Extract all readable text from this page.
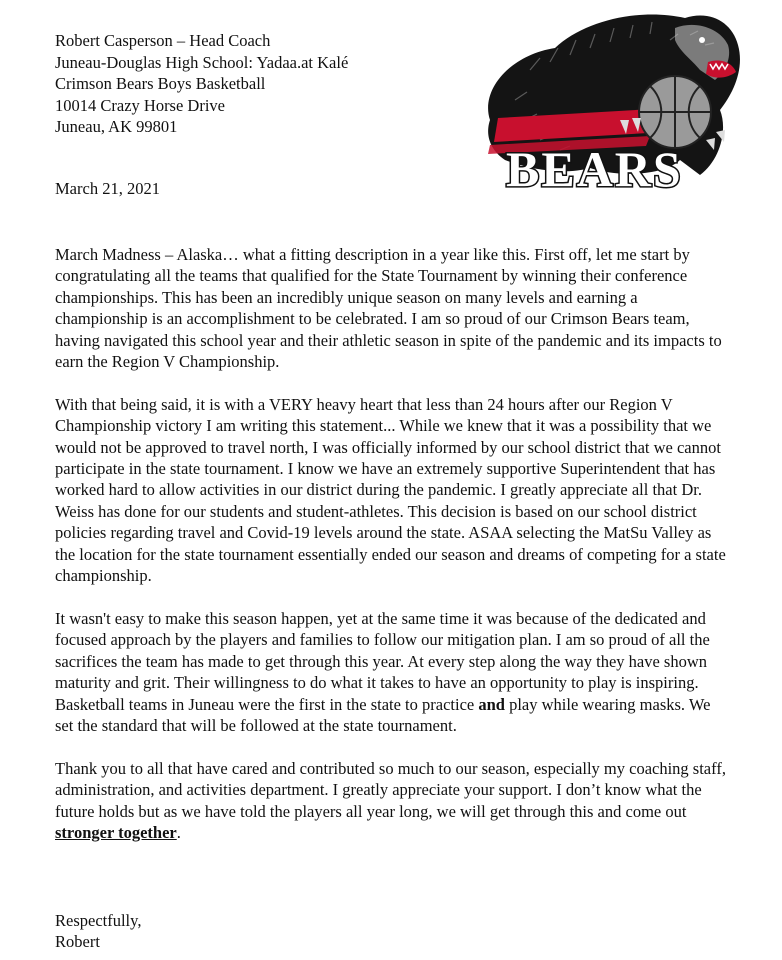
Robert Casperson – Head Coach
Juneau-Douglas High School: Yadaa.at Kalé
Crimson Bears Boys Basketball
10014 Crazy Horse Drive
Juneau, AK 99801
BEARS
March 21, 2021

March Madness – Alaska… what a fitting description in a year like this. First off, let me start by congratulating all the teams that qualified for the State Tournament by winning their conference championships. This has been an incredibly unique season on many levels and earning a championship is an accomplishment to be celebrated. I am so proud of our Crimson Bears team, having navigated this school year and their athletic season in spite of the pandemic and its impacts to earn the Region V Championship.

With that being said, it is with a VERY heavy heart that less than 24 hours after our Region V Championship victory I am writing this statement... While we knew that it was a possibility that we would not be approved to travel north, I was officially informed by our school district that we cannot participate in the state tournament. I know we have an extremely supportive Superintendent that has worked hard to allow activities in our district during the pandemic. I greatly appreciate all that Dr. Weiss has done for our students and student-athletes. This decision is based on our school district policies regarding travel and Covid-19 levels around the state. ASAA selecting the MatSu Valley as the location for the state tournament essentially ended our season and dreams of competing for a state championship.

It wasn't easy to make this season happen, yet at the same time it was because of the dedicated and focused approach by the players and families to follow our mitigation plan. I am so proud of all the sacrifices the team has made to get through this year. At every step along the way they have shown maturity and grit. Their willingness to do what it takes to have an opportunity to play is inspiring. Basketball teams in Juneau were the first in the state to practice and play while wearing masks. We set the standard that will be followed at the state tournament.

Thank you to all that have cared and contributed so much to our season, especially my coaching staff, administration, and activities department. I greatly appreciate your support. I don’t know what the future holds but as we have told the players all year long, we will get through this and come out stronger together.

Respectfully,
Robert
